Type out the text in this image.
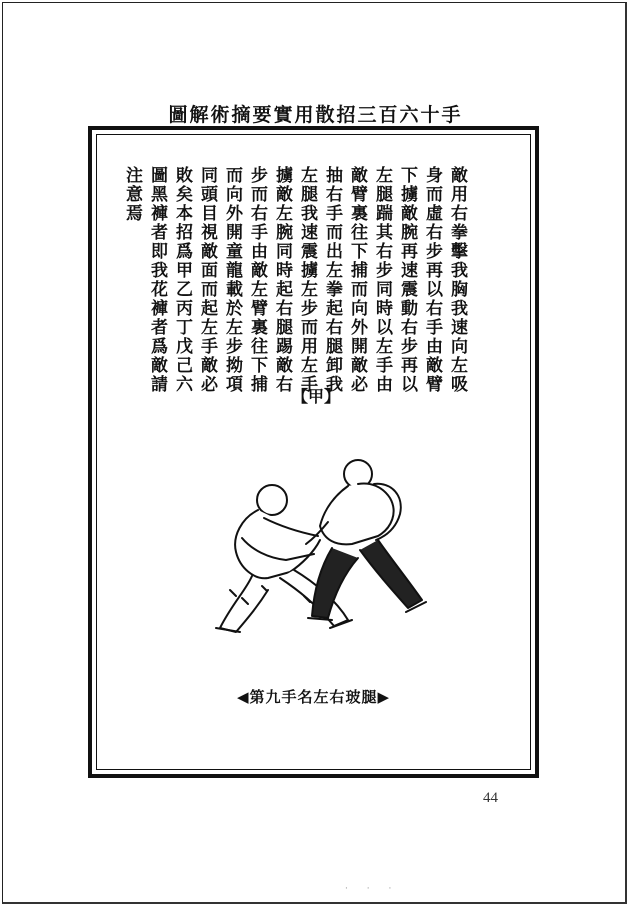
圖解術摘要實用散招三百六十手
敵用右拳擊我胸我速向左吸
身而虛右步再以右手由敵臂
下擄敵腕再速震動右步再以
左腿踹其右步同時以左手由
敵臂裏往下捕而向外開敵必
抽右手而出左拳起右腿卸我
左腿我速震擄左步而用左手
擄敵左腕同時起右腿踢敵右
步而右手由敵左臂裏往下捕
而向外開童龍載於左步拗項
同頭目視敵面而起左手敵必
敗矣本招爲甲乙丙丁戊己六
圖黑褲者即我花褲者爲敵請
注意焉
【甲】
◀第九手名左右玻腿▶
44
· · ·
